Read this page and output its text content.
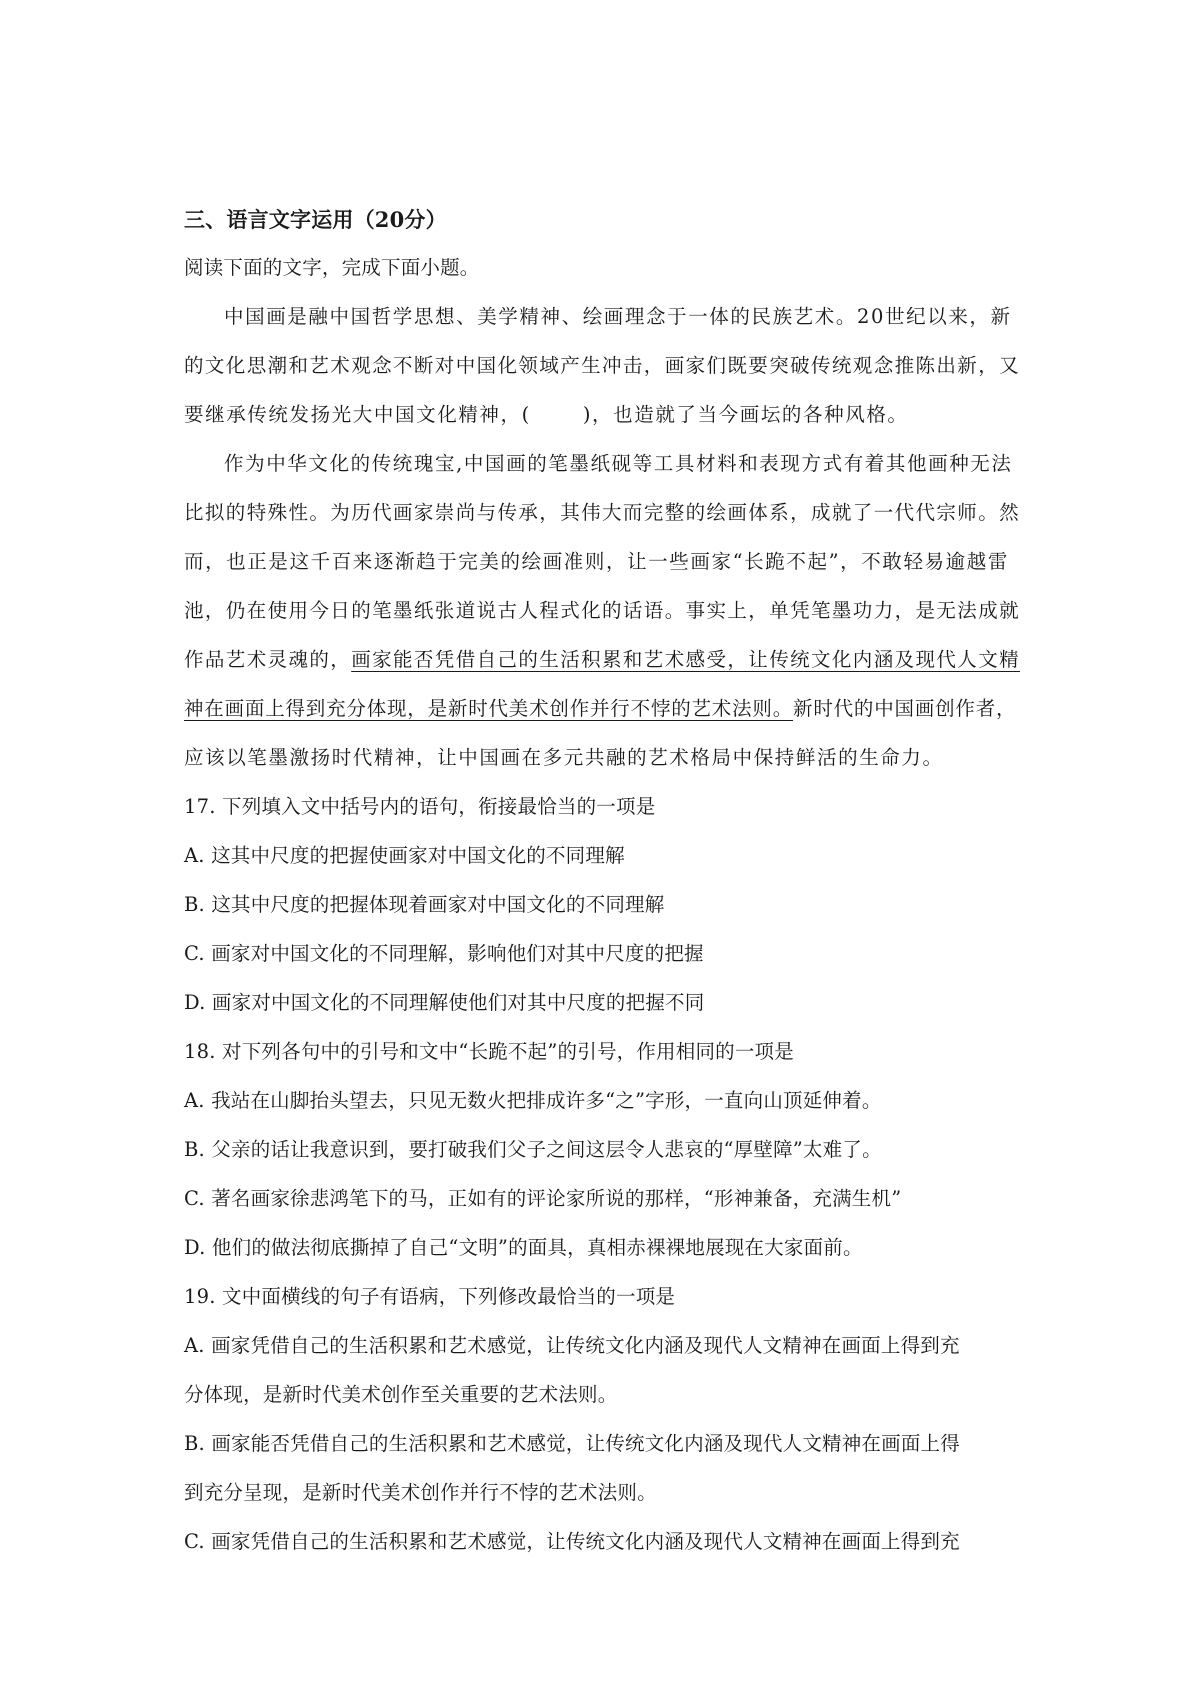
三、语言文字运用（20分）
阅读下面的文字，完成下面小题。
中国画是融中国哲学思想、美学精神、绘画理念于一体的民族艺术。20世纪以来，新
的文化思潮和艺术观念不断对中国化领域产生冲击，画家们既要突破传统观念推陈出新，又
要继承传统发扬光大中国文化精神，(	)，也造就了当今画坛的各种风格。
作为中华文化的传统瑰宝,中国画的笔墨纸砚等工具材料和表现方式有着其他画种无法
比拟的特殊性。为历代画家崇尚与传承，其伟大而完整的绘画体系，成就了一代代宗师。然
而，也正是这千百来逐渐趋于完美的绘画准则，让一些画家“长跪不起”，不敢轻易逾越雷
池，仍在使用今日的笔墨纸张道说古人程式化的话语。事实上，单凭笔墨功力，是无法成就
作品艺术灵魂的，画家能否凭借自己的生活积累和艺术感受，让传统文化内涵及现代人文精
神在画面上得到充分体现，是新时代美术创作并行不悖的艺术法则。新时代的中国画创作者，
应该以笔墨激扬时代精神，让中国画在多元共融的艺术格局中保持鲜活的生命力。
17. 下列填入文中括号内的语句，衔接最恰当的一项是
A. 这其中尺度的把握使画家对中国文化的不同理解
B. 这其中尺度的把握体现着画家对中国文化的不同理解
C. 画家对中国文化的不同理解，影响他们对其中尺度的把握
D. 画家对中国文化的不同理解使他们对其中尺度的把握不同
18. 对下列各句中的引号和文中“长跪不起”的引号，作用相同的一项是
A. 我站在山脚抬头望去，只见无数火把排成许多“之”字形，一直向山顶延伸着。
B. 父亲的话让我意识到，要打破我们父子之间这层令人悲哀的“厚壁障”太难了。
C. 著名画家徐悲鸿笔下的马，正如有的评论家所说的那样，“形神兼备，充满生机”
D. 他们的做法彻底撕掉了自己“文明”的面具，真相赤裸裸地展现在大家面前。
19. 文中面横线的句子有语病，下列修改最恰当的一项是
A. 画家凭借自己的生活积累和艺术感觉，让传统文化内涵及现代人文精神在画面上得到充
分体现，是新时代美术创作至关重要的艺术法则。
B. 画家能否凭借自己的生活积累和艺术感觉，让传统文化内涵及现代人文精神在画面上得
到充分呈现，是新时代美术创作并行不悖的艺术法则。
C. 画家凭借自己的生活积累和艺术感觉，让传统文化内涵及现代人文精神在画面上得到充
